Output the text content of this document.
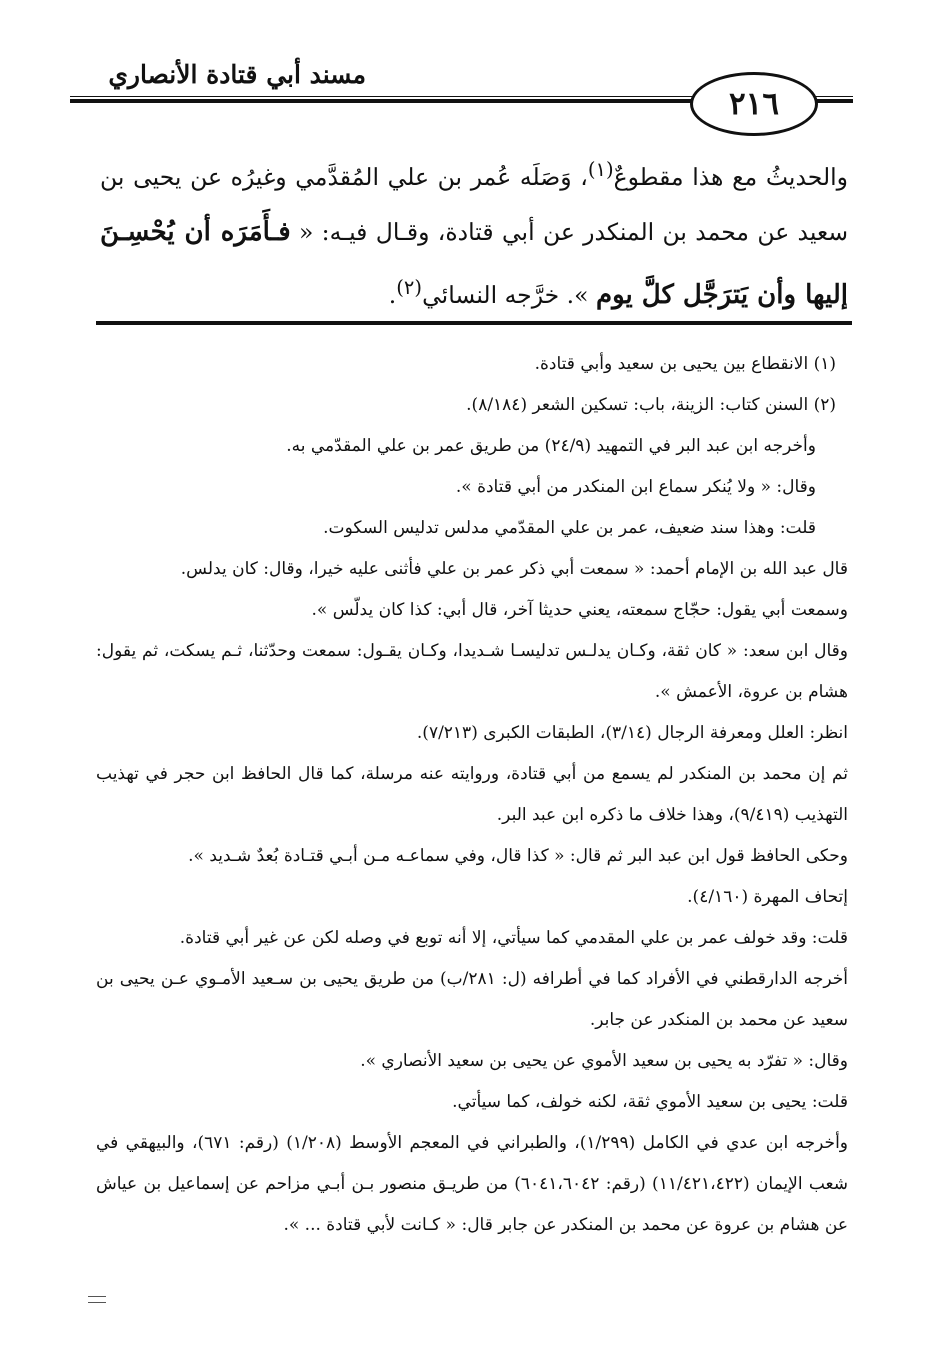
مسند أبي قتادة الأنصاري
٢١٦

والحديثُ مع هذا مقطوعٌ$^{(١)}$، وَصَلَه عُمر بن علي المُقدَّمي وغيرُه عن يحيى بن سعيد عن محمد بن المنكدر عن أبي قتادة، وقـال فيـه: « فـأَمَرَه أن يُحْسِـنَ إليها وأن يَترَجَّل كلَّ يوم ». خرَّجه النسائي$^{(٢)}$.

(١) الانقطاع بين يحيى بن سعيد وأبي قتادة.

(٢) السنن كتاب: الزينة، باب: تسكين الشعر (٨/١٨٤).

وأخرجه ابن عبد البر في التمهيد (٢٤/٩) من طريق عمر بن علي المقدّمي به.

وقال: « ولا يُنكر سماع ابن المنكدر من أبي قتادة ».

قلت: وهذا سند ضعيف، عمر بن علي المقدّمي مدلس تدليس السكوت.

قال عبد الله بن الإمام أحمد: « سمعت أبي ذكر عمر بن علي فأثنى عليه خيرا، وقال: كان يدلس.

وسمعت أبي يقول: حجّاج سمعته، يعني حديثا آخر، قال أبي: كذا كان يدلّس ».

وقال ابن سعد: « كان ثقة، وكـان يدلـس تدليسـا شـديدا، وكـان يقـول: سمعت وحدّثنا، ثـم يسكت، ثم يقول: هشام بن عروة، الأعمش ».

انظر: العلل ومعرفة الرجال (٣/١٤)، الطبقات الكبرى (٧/٢١٣).

ثم إن محمد بن المنكدر لم يسمع من أبي قتادة، وروايته عنه مرسلة، كما قال الحافظ ابن حجر في تهذيب التهذيب (٩/٤١٩)، وهذا خلاف ما ذكره ابن عبد البر.

وحكى الحافظ قول ابن عبد البر ثم قال: « كذا قال، وفي سماعـه مـن أبـي قتـادة بُعدٌ شـديد ».

إتحاف المهرة (٤/١٦٠).

قلت: وقد خولف عمر بن علي المقدمي كما سيأتي، إلا أنه توبع في وصله لكن عن غير أبي قتادة.

أخرجه الدارقطني في الأفراد كما في أطرافه (ل: ٢٨١/ب) من طريق يحيى بن سـعيد الأمـوي عـن يحيى بن سعيد عن محمد بن المنكدر عن جابر.

وقال: « تفرّد به يحيى بن سعيد الأموي عن يحيى بن سعيد الأنصاري ».

قلت: يحيى بن سعيد الأموي ثقة، لكنه خولف، كما سيأتي.

وأخرجه ابن عدي في الكامل (١/٢٩٩)، والطبراني في المعجم الأوسط (١/٢٠٨) (رقم: ٦٧١)، والبيهقي في شعب الإيمان (١١/٤٢١،٤٢٢) (رقم: ٦٠٤١،٦٠٤٢) من طريـق منصور بـن أبـي مزاحم عن إسماعيل بن عياش عن هشام بن عروة عن محمد بن المنكدر عن جابر قال: « كـانت لأبي قتادة ... ».
